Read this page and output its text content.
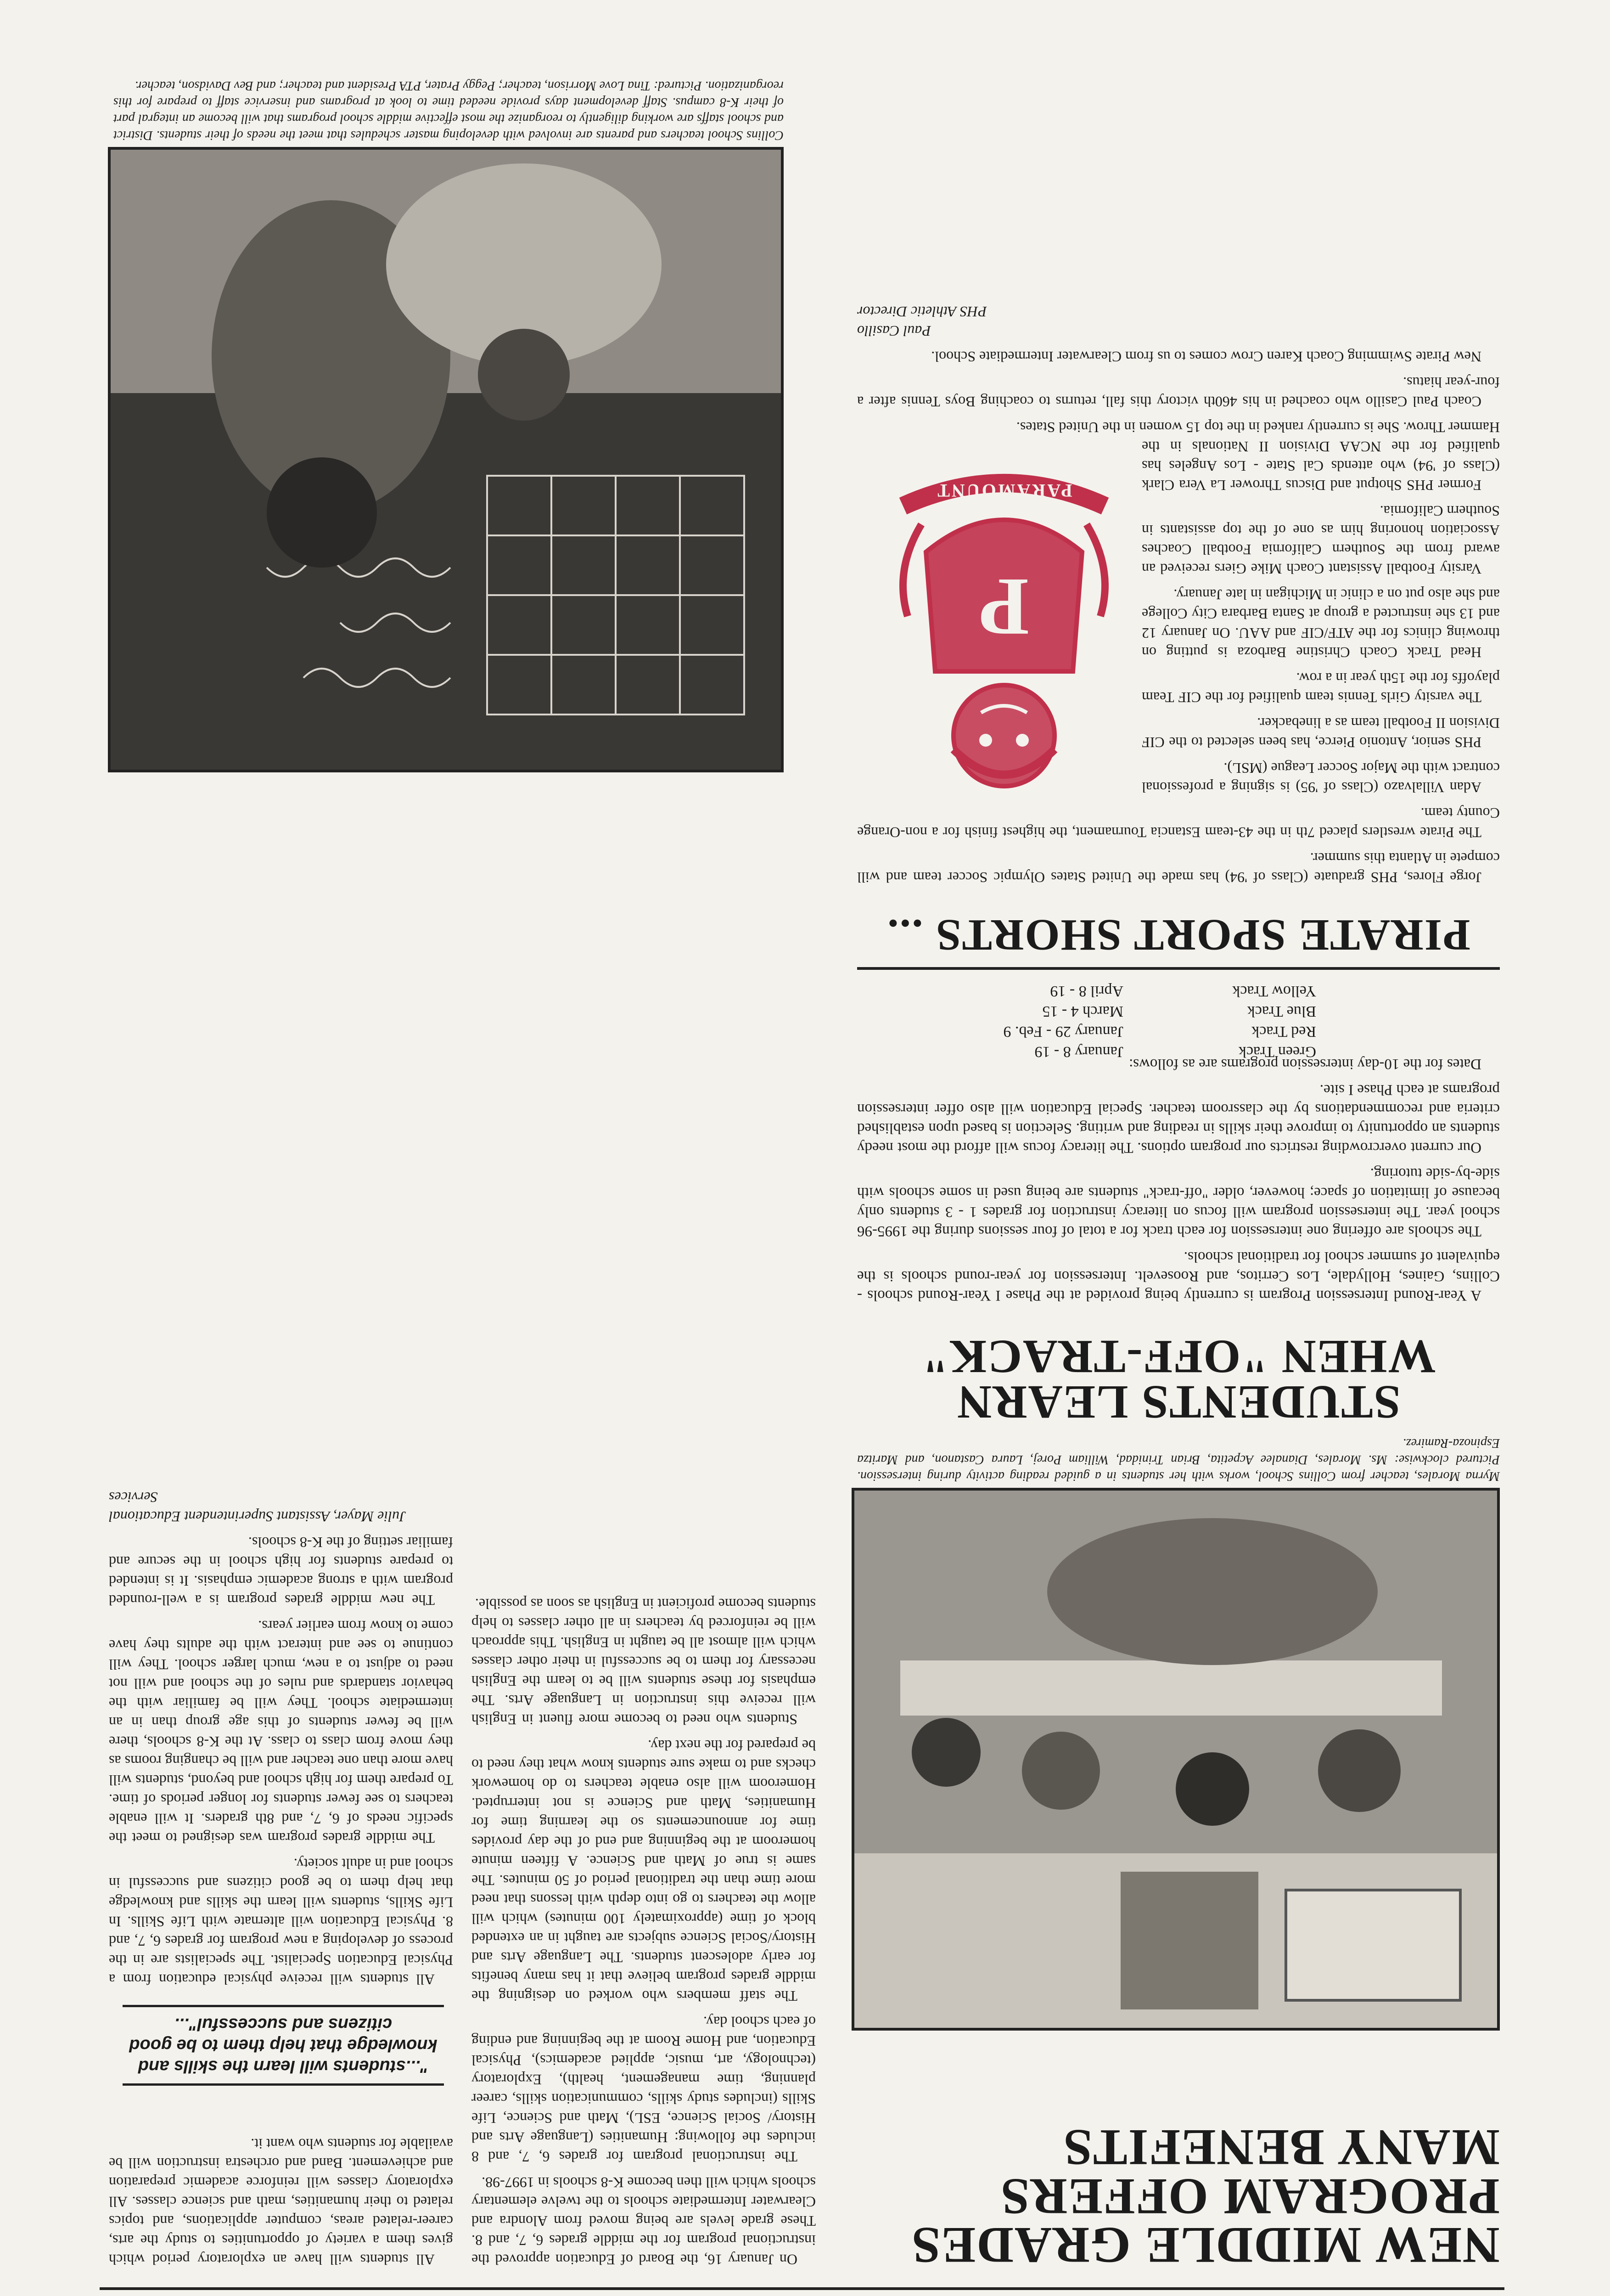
NEW MIDDLE GRADES

PROGRAM OFFERS

MANY BENEFITS

On January 16, the Board of Education approved the instructional program for the middle grades 6, 7, and 8. These grade levels are being moved from Alondra and Clearwater Intermediate schools to the twelve elementary schools which will then become K-8 schools in 1997-98.

The instructional program for grades 6, 7, and 8 includes the following: Humanities (Language Arts and History/ Social Science, ESL), Math and Science, Life Skills (includes study skills, communication skills, career planning, time management, health), Exploratory (technology, art, music, applied academics), Physical Education, and Home Room at the beginning and ending of each school day.

The staff members who worked on designing the middle grades program believe that it has many benefits for early adolescent students. The Language Arts and History/Social Science subjects are taught in an extended block of time (approximately 100 minutes) which will allow the teachers to go into depth with lessons that need more time than the traditional period of 50 minutes. The same is true of Math and Science. A fifteen minute homeroom at the beginning and end of the day provides time for announcements so the learning time for Humanities, Math and Science is not interrupted. Homeroom will also enable teachers to do homework checks and to make sure students know what they need to be prepared for the next day.

Students who need to become more fluent in English will receive this instruction in Language Arts. The emphasis for these students will be to learn the English necessary for them to be successful in their other classes which will almost all be taught in English. This approach will be reinforced by teachers in all other classes to help students become proficient in English as soon as possible.

All students will have an exploratory period which gives them a variety of opportunities to study the arts, career-related areas, computer applications, and topics related to their humanities, math and science classes. All exploratory classes will reinforce academic preparation and achievement. Band and orchestra instruction will be available for students who want it.

"...students will learn the skills and knowledge that help them to be good citizens and successful"...

All students will receive physical education from a Physical Education Specialist. The specialists are in the process of developing a new program for grades 6, 7, and 8. Physical Education will alternate with Life Skills. In Life Skills, students will learn the skills and knowledge that help them to be good citizens and successful in school and in adult society.

The middle grades program was designed to meet the specific needs of 6, 7, and 8th graders. It will enable teachers to see fewer students for longer periods of time. To prepare them for high school and beyond, students will have more than one teacher and will be changing rooms as they move from class to class. At the K-8 schools, there will be fewer students of this age group than in an intermediate school. They will be familiar with the behavior standards and rules of the school and will not need to adjust to a new, much larger school. They will continue to see and interact with the adults they have come to know from earlier years.

The new middle grades program is a well-rounded program with a strong academic emphasis. It is intended to prepare students for high school in the secure and familiar setting of the K-8 schools.

Julie Mayer, Assistant Superintendent Educational Services

Myrna Morales, teacher from Collins School, works with her students in a guided reading activity during intersession. Pictured clockwise: Ms. Morales, Dianalee Acpetita, Brian Trinidad, William Porej, Laura Castanon, and Maritza Espinoza-Ramirez.

STUDENTS LEARN

WHEN "OFF-TRACK"

A Year-Round Intersession Program is currently being provided at the Phase I Year-Round schools - Collins, Gaines, Hollydale, Los Cerritos, and Roosevelt. Intersession for year-round schools is the equivalent of summer school for traditional schools.

The schools are offering one intersession for each track for a total of four sessions during the 1995-96 school year. The intersession program will focus on literacy instruction for grades 1 - 3 students only because of limitation of space; however, older "off-track" students are being used in some schools with side-by-side tutoring.

Our current overcrowding restricts our program options. The literacy focus will afford the most needy students an opportunity to improve their skills in reading and writing. Selection is based upon established criteria and recommendations by the classroom teacher. Special Education will also offer intersession programs at each Phase I site.

Dates for the 10-day intersession programs are as follows:

Green Track
January 8 - 19
Red Track
January 29 - Feb. 9
Blue Track
March 4 - 15
Yellow Track
April 8 - 19

PIRATE SPORT SHORTS ...

Jorge Flores, PHS graduate (Class of '94) has made the United States Olympic Soccer team and will compete in Atlanta this summer.

The Pirate wrestlers placed 7th in the 43-team Estancia Tournament, the highest finish for a non-Orange County team.

Adan Villalvazo (Class of '95) is signing a professional contract with the Major Soccer League (MSL).

PHS senior, Antonio Pierce, has been selected to the CIF Division II Football team as a linebacker.

The varsity Girls Tennis team qualified for the CIF Team playoffs for the 15th year in a row.

Head Track Coach Christine Barboza is putting on throwing clinics for the ATF/CIF and AAU. On January 12 and 13 she instructed a group at Santa Barbara City College and she also put on a clinic in Michigan in late January.

Varsity Football Assistant Coach Mike Giers received an award from the Southern California Football Coaches Association honoring him as one of the top assistants in Southern California.

Former PHS Shotput and Discus Thrower La Vera Clark (Class of '94) who attends Cal State - Los Angeles has qualified for the NCAA Division II Nationals in the Hammer Throw. She is currently ranked in the top 15 women in the United States.

Coach Paul Casillo who coached in his 460th victory this fall, returns to coaching Boys Tennis after a four-year hiatus.

New Pirate Swimming Coach Karen Crow comes to us from Clearwater Intermediate School.

Paul Casillo

PHS Athletic Director

P
PARAMOUNT
Collins School teachers and parents are involved with developing master schedules that meet the needs of their students. District and school staffs are working diligently to reorganize the most effective middle school programs that will become an integral part of their K-8 campus. Staff development days provide needed time to look at programs and inservice staff to prepare for this reorganization. Pictured: Tina Love Morrison, teacher; Peggy Prater, PTA President and teacher; and Bev Davidson, teacher.
